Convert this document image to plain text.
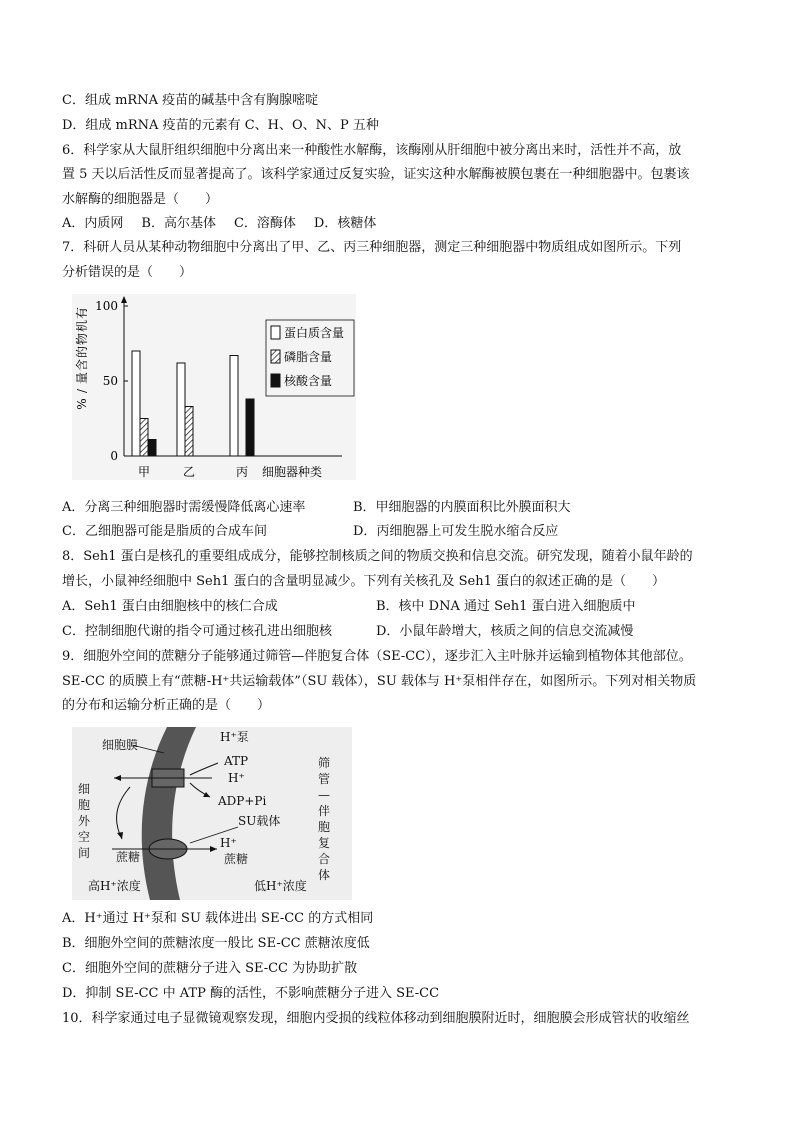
C．组成 mRNA 疫苗的碱基中含有胸腺嘧啶
D．组成 mRNA 疫苗的元素有 C、H、O、N、P 五种
6．科学家从大鼠肝组织细胞中分离出来一种酸性水解酶，该酶刚从肝细胞中被分离出来时，活性并不高，放
置 5 天以后活性反而显著提高了。该科学家通过反复实验，证实这种水解酶被膜包裹在一种细胞器中。包裹该
水解酶的细胞器是（　　）
A．内质网 B．高尔基体 C．溶酶体 D．核糖体
7．科研人员从某种动物细胞中分离出了甲、乙、丙三种细胞器，测定三种细胞器中物质组成如图所示。下列
分析错误的是（　　）
0
50
100
有
机
物
的
含
量
/
%
甲	乙	丙 细胞器种类
蛋白质含量
磷脂含量
核酸含量
A．分离三种细胞器时需缓慢降低离心速率	B．甲细胞器的内膜面积比外膜面积大
C．乙细胞器可能是脂质的合成车间	D．丙细胞器上可发生脱水缩合反应
8．Seh1 蛋白是核孔的重要组成成分，能够控制核质之间的物质交换和信息交流。研究发现，随着小鼠年龄的
增长，小鼠神经细胞中 Seh1 蛋白的含量明显减少。下列有关核孔及 Seh1 蛋白的叙述正确的是（　　）
A．Seh1 蛋白由细胞核中的核仁合成	B．核中 DNA 通过 Seh1 蛋白进入细胞质中
C．控制细胞代谢的指令可通过核孔进出细胞核	D．小鼠年龄增大，核质之间的信息交流减慢
9．细胞外空间的蔗糖分子能够通过筛管—伴胞复合体（SE-CC），逐步汇入主叶脉并运输到植物体其他部位。
SE-CC 的质膜上有“蔗糖-H⁺共运输载体”（SU 载体），SU 载体与 H⁺泵相伴存在，如图所示。下列对相关物质
的分布和运输分析正确的是（　　）
细胞膜
H⁺泵
ATP
H⁺
ADP+Pi
SU载体
H⁺
蔗糖	蔗糖
高H⁺浓度	低H⁺浓度
细
胞
外
空
间
筛
管
—
伴
胞
复
合
体
A．H⁺通过 H⁺泵和 SU 载体进出 SE-CC 的方式相同
B．细胞外空间的蔗糖浓度一般比 SE-CC 蔗糖浓度低
C．细胞外空间的蔗糖分子进入 SE-CC 为协助扩散
D．抑制 SE-CC 中 ATP 酶的活性，不影响蔗糖分子进入 SE-CC
10．科学家通过电子显微镜观察发现，细胞内受损的线粒体移动到细胞膜附近时，细胞膜会形成管状的收缩丝
